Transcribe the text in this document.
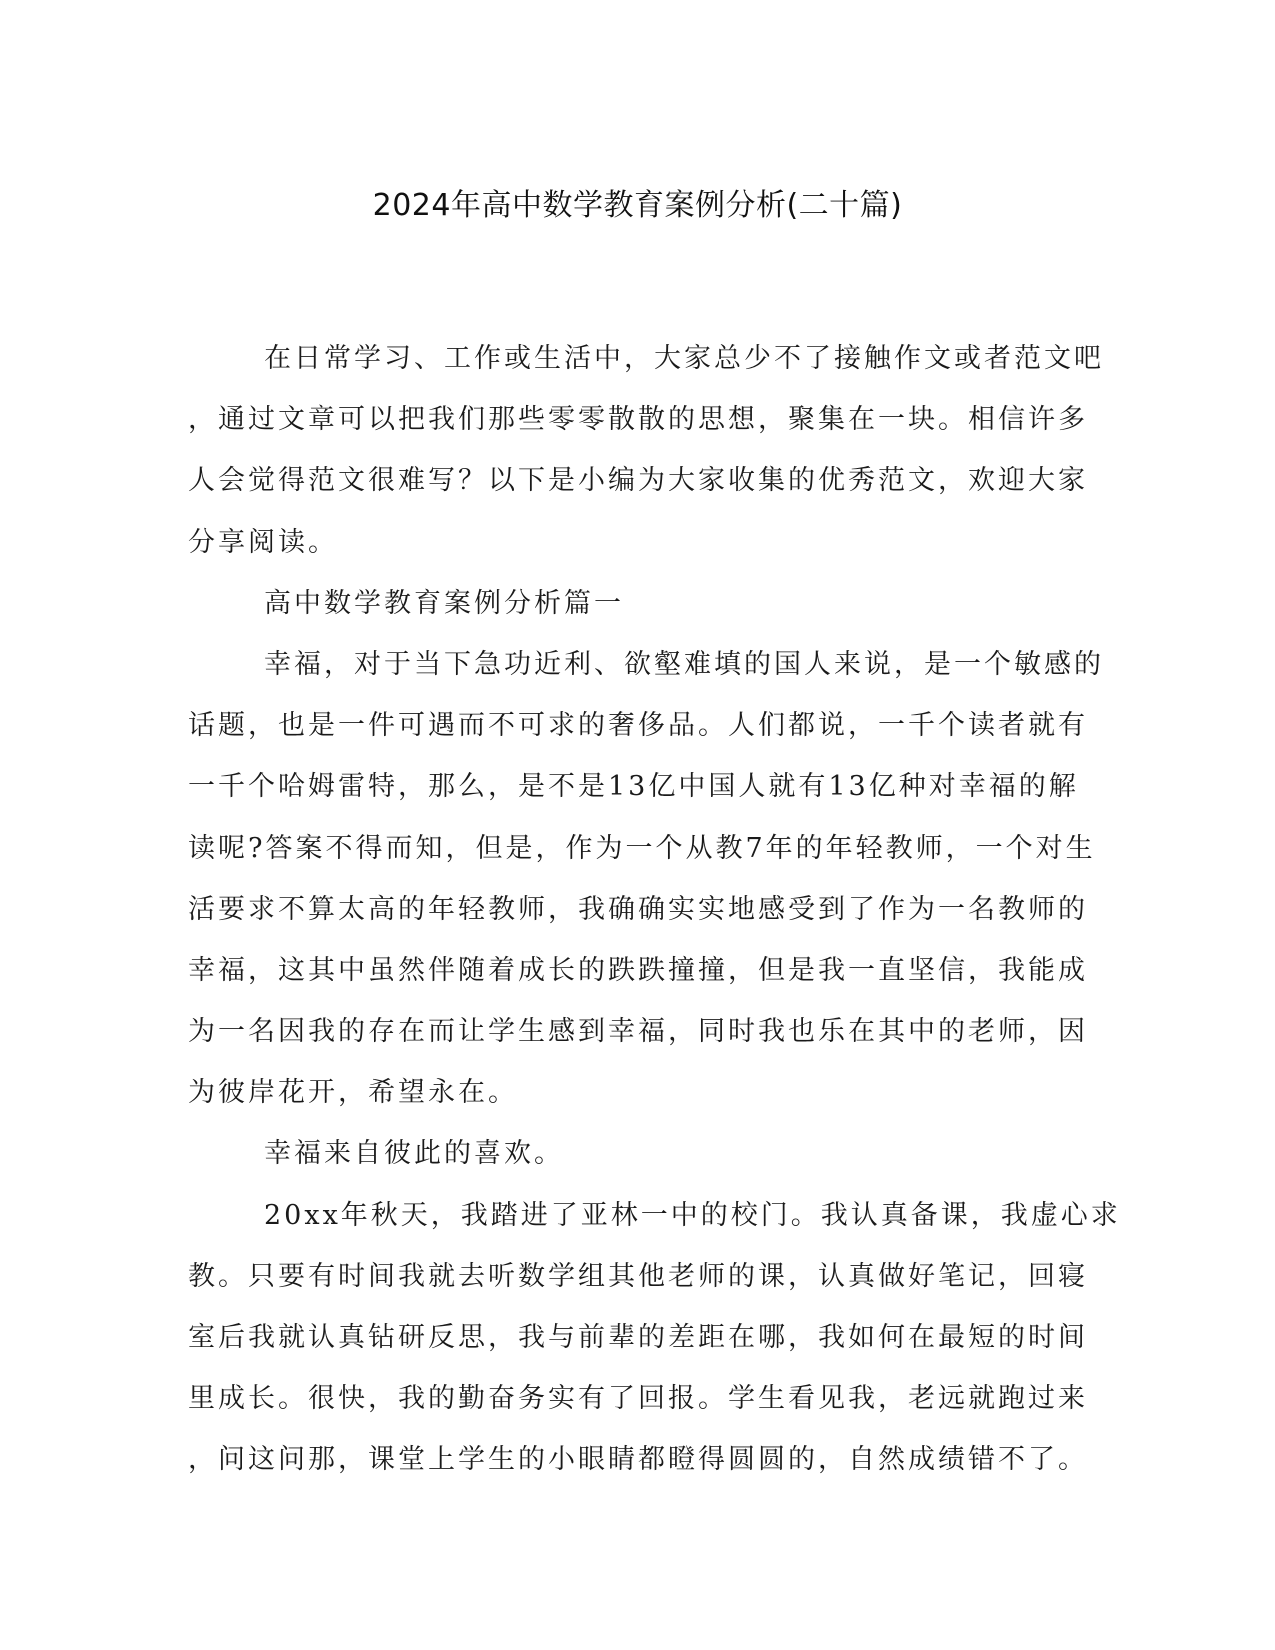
2024年高中数学教育案例分析(二十篇)
在日常学习、工作或生活中，大家总少不了接触作文或者范文吧
，通过文章可以把我们那些零零散散的思想，聚集在一块。相信许多
人会觉得范文很难写？以下是小编为大家收集的优秀范文，欢迎大家
分享阅读。
高中数学教育案例分析篇一
幸福，对于当下急功近利、欲壑难填的国人来说，是一个敏感的
话题，也是一件可遇而不可求的奢侈品。人们都说，一千个读者就有
一千个哈姆雷特，那么，是不是13亿中国人就有13亿种对幸福的解
读呢?答案不得而知，但是，作为一个从教7年的年轻教师，一个对生
活要求不算太高的年轻教师，我确确实实地感受到了作为一名教师的
幸福，这其中虽然伴随着成长的跌跌撞撞，但是我一直坚信，我能成
为一名因我的存在而让学生感到幸福，同时我也乐在其中的老师，因
为彼岸花开，希望永在。
幸福来自彼此的喜欢。
20xx年秋天，我踏进了亚林一中的校门。我认真备课，我虚心求
教。只要有时间我就去听数学组其他老师的课，认真做好笔记，回寝
室后我就认真钻研反思，我与前辈的差距在哪，我如何在最短的时间
里成长。很快，我的勤奋务实有了回报。学生看见我，老远就跑过来
，问这问那，课堂上学生的小眼睛都瞪得圆圆的，自然成绩错不了。
